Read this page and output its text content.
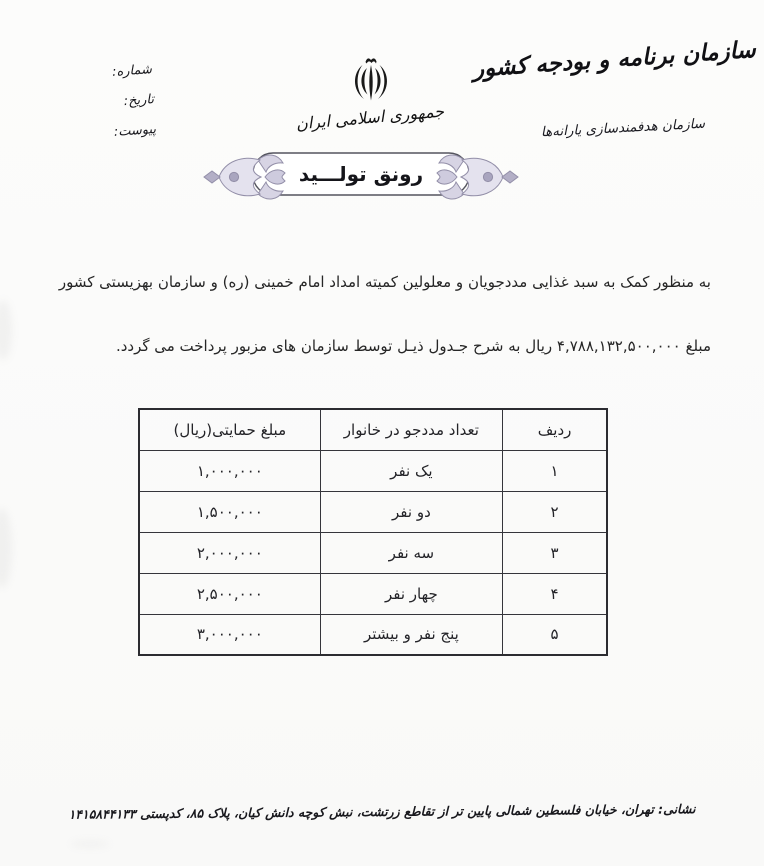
شماره:
تاریخ:
پیوست:	جمهوری اسلامی ایران
سازمان برنامه و بودجه کشور
سازمان هدفمندسازی یارانه‌ها
رونق تولـــید

به منظور کمک به سبد غذایی مددجویان و معلولین کمیته امداد امام خمینی (ره) و سازمان بهزیستی کشور

مبلغ ۴,۷۸۸,۱۳۲,۵۰۰,۰۰۰ ریال به شرح جـدول ذیـل توسط سازمان های مزبور پرداخت می گردد.

ردیف	تعداد مددجو در خانوار	مبلغ حمایتی(ریال)
۱	یک نفر	۱,۰۰۰,۰۰۰
۲	دو نفر	۱,۵۰۰,۰۰۰
۳	سه نفر	۲,۰۰۰,۰۰۰
۴	چهار نفر	۲,۵۰۰,۰۰۰
۵	پنج نفر و بیشتر	۳,۰۰۰,۰۰۰
نشانی: تهران، خیابان فلسطین شمالی پایین تر از تقاطع زرتشت، نبش کوچه دانش کیان، پلاک ۸۵، کدپستی ۱۴۱۵۸۴۴۱۳۳
